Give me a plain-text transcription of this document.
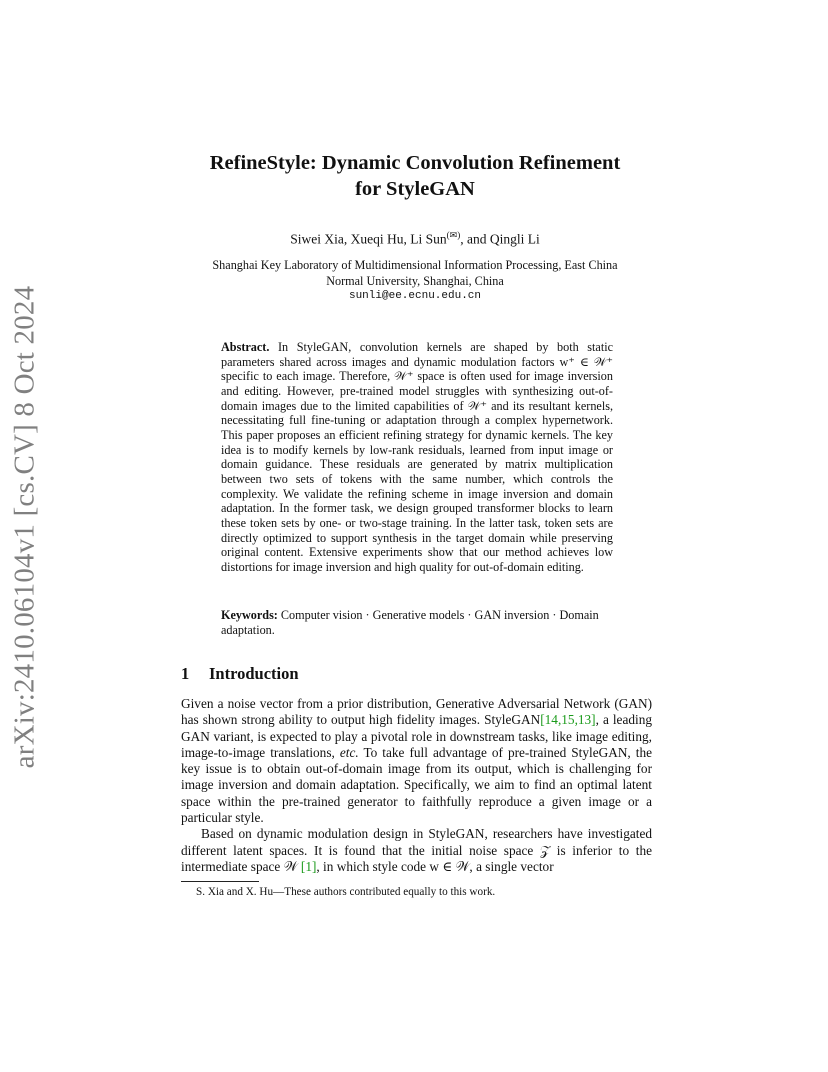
arXiv:2410.06104v1 [cs.CV] 8 Oct 2024
RefineStyle: Dynamic Convolution Refinement
for StyleGAN
Siwei Xia, Xueqi Hu, Li Sun(✉), and Qingli Li
Shanghai Key Laboratory of Multidimensional Information Processing, East China
Normal University, Shanghai, China
sunli@ee.ecnu.edu.cn
Abstract. In StyleGAN, convolution kernels are shaped by both static parameters shared across images and dynamic modulation factors w⁺ ∈ 𝒲⁺ specific to each image. Therefore, 𝒲⁺ space is often used for image inversion and editing. However, pre-trained model struggles with synthesizing out-of-domain images due to the limited capabilities of 𝒲⁺ and its resultant kernels, necessitating full fine-tuning or adaptation through a complex hypernetwork. This paper proposes an efficient refining strategy for dynamic kernels. The key idea is to modify kernels by low-rank residuals, learned from input image or domain guidance. These residuals are generated by matrix multiplication between two sets of tokens with the same number, which controls the complexity. We validate the refining scheme in image inversion and domain adaptation. In the former task, we design grouped transformer blocks to learn these token sets by one- or two-stage training. In the latter task, token sets are directly optimized to support synthesis in the target domain while preserving original content. Extensive experiments show that our method achieves low distortions for image inversion and high quality for out-of-domain editing.
Keywords: Computer vision · Generative models · GAN inversion · Domain adaptation.
1 Introduction

Given a noise vector from a prior distribution, Generative Adversarial Network (GAN) has shown strong ability to output high fidelity images. StyleGAN[14,15,13], a leading GAN variant, is expected to play a pivotal role in downstream tasks, like image editing, image-to-image translations, etc. To take full advantage of pre-trained StyleGAN, the key issue is to obtain out-of-domain image from its output, which is challenging for image inversion and domain adaptation. Specifically, we aim to find an optimal latent space within the pre-trained generator to faithfully reproduce a given image or a particular style.

Based on dynamic modulation design in StyleGAN, researchers have investigated different latent spaces. It is found that the initial noise space 𝒵 is inferior to the intermediate space 𝒲 [1], in which style code w ∈ 𝒲, a single vector

S. Xia and X. Hu—These authors contributed equally to this work.
